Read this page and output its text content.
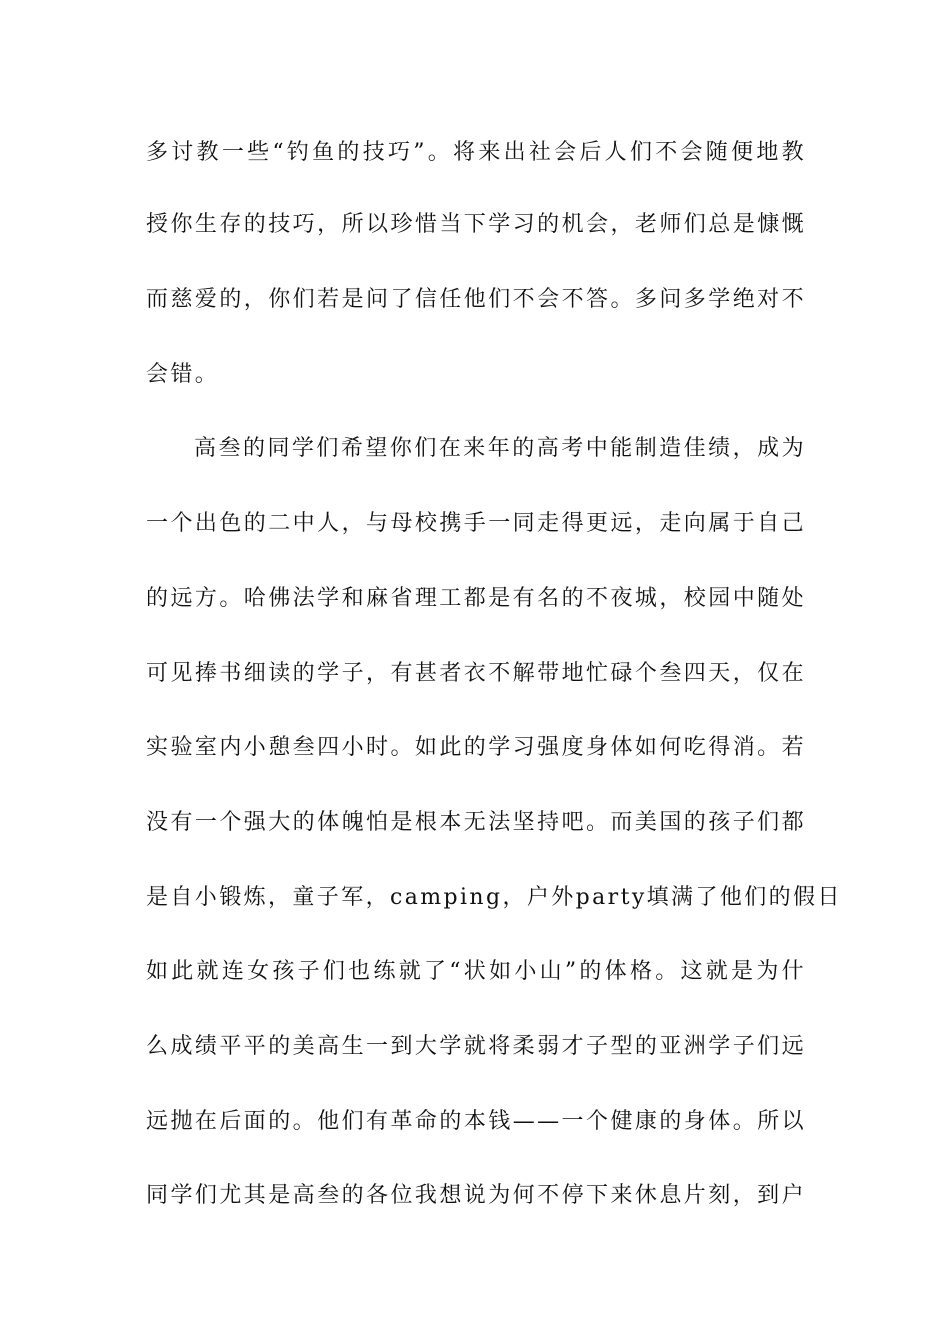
多讨教一些“钓鱼的技巧”。将来出社会后人们不会随便地教
授你生存的技巧，所以珍惜当下学习的机会，老师们总是慷慨
而慈爱的，你们若是问了信任他们不会不答。多问多学绝对不
会错。
高叁的同学们希望你们在来年的高考中能制造佳绩，成为
一个出色的二中人，与母校携手一同走得更远，走向属于自己
的远方。哈佛法学和麻省理工都是有名的不夜城，校园中随处
可见捧书细读的学子，有甚者衣不解带地忙碌个叁四天，仅在
实验室内小憩叁四小时。如此的学习强度身体如何吃得消。若
没有一个强大的体魄怕是根本无法坚持吧。而美国的孩子们都
是自小锻炼，童子军，camping，户外party填满了他们的假日
如此就连女孩子们也练就了“状如小山”的体格。这就是为什
么成绩平平的美高生一到大学就将柔弱才子型的亚洲学子们远
远抛在后面的。他们有革命的本钱——一个健康的身体。所以
同学们尤其是高叁的各位我想说为何不停下来休息片刻，到户
